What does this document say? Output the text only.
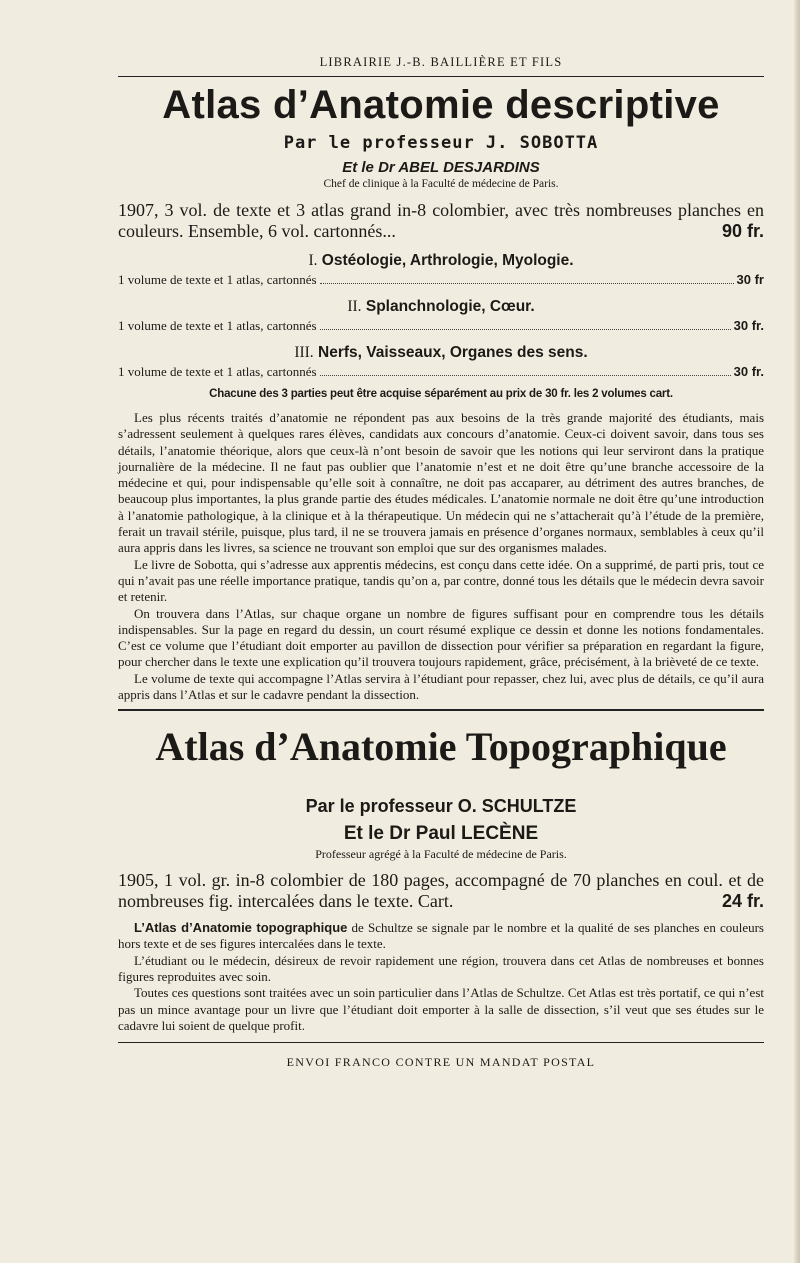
LIBRAIRIE J.-B. BAILLIÈRE ET FILS
Atlas d’Anatomie descriptive
Par le professeur J. SOBOTTA
Et le Dr ABEL DESJARDINS
Chef de clinique à la Faculté de médecine de Paris.
1907, 3 vol. de texte et 3 atlas grand in-8 colombier, avec très nombreuses planches en couleurs. Ensemble, 6 vol. cartonnés...	90 fr.
I. Ostéologie, Arthrologie, Myologie.
1 volume de texte et 1 atlas, cartonnés	30 fr
II. Splanchnologie, Cœur.
1 volume de texte et 1 atlas, cartonnés	30 fr.
III. Nerfs, Vaisseaux, Organes des sens.
1 volume de texte et 1 atlas, cartonnés	30 fr.
Chacune des 3 parties peut être acquise séparément au prix de 30 fr. les 2 volumes cart.

Les plus récents traités d’anatomie ne répondent pas aux besoins de la très grande majorité des étudiants, mais s’adressent seulement à quelques rares élèves, candidats aux concours d’anatomie. Ceux-ci doivent savoir, dans tous ses détails, l’anatomie théorique, alors que ceux-là n’ont besoin de savoir que les notions qui leur serviront dans la pratique journalière de la médecine. Il ne faut pas oublier que l’anatomie n’est et ne doit être qu’une branche accessoire de la médecine et qui, pour indispensable qu’elle soit à connaître, ne doit pas accaparer, au détriment des autres branches, de beaucoup plus importantes, la plus grande partie des études médicales. L’anatomie normale ne doit être qu’une introduction à l’anatomie pathologique, à la clinique et à la thérapeutique. Un médecin qui ne s’attacherait qu’à l’étude de la première, ferait un travail stérile, puisque, plus tard, il ne se trouvera jamais en présence d’organes normaux, semblables à ceux qu’il aura appris dans les livres, sa science ne trouvant son emploi que sur des organismes malades.

Le livre de Sobotta, qui s’adresse aux apprentis médecins, est conçu dans cette idée. On a supprimé, de parti pris, tout ce qui n’avait pas une réelle importance pratique, tandis qu’on a, par contre, donné tous les détails que le médecin devra savoir et retenir.

On trouvera dans l’Atlas, sur chaque organe un nombre de figures suffisant pour en comprendre tous les détails indispensables. Sur la page en regard du dessin, un court résumé explique ce dessin et donne les notions fondamentales. C’est ce volume que l’étudiant doit emporter au pavillon de dissection pour vérifier sa préparation en regardant la figure, pour chercher dans le texte une explication qu’il trouvera toujours rapidement, grâce, précisément, à la brièveté de ce texte.

Le volume de texte qui accompagne l’Atlas servira à l’étudiant pour repasser, chez lui, avec plus de détails, ce qu’il aura appris dans l’Atlas et sur le cadavre pendant la dissection.

Atlas d’Anatomie Topographique
Par le professeur O. SCHULTZE
Et le Dr Paul LECÈNE
Professeur agrégé à la Faculté de médecine de Paris.
1905, 1 vol. gr. in-8 colombier de 180 pages, accompagné de 70 planches en coul. et de nombreuses fig. intercalées dans le texte. Cart.	24 fr.

L’Atlas d’Anatomie topographique de Schultze se signale par le nombre et la qualité de ses planches en couleurs hors texte et de ses figures intercalées dans le texte.

L’étudiant ou le médecin, désireux de revoir rapidement une région, trouvera dans cet Atlas de nombreuses et bonnes figures reproduites avec soin.

Toutes ces questions sont traitées avec un soin particulier dans l’Atlas de Schultze. Cet Atlas est très portatif, ce qui n’est pas un mince avantage pour un livre que l’étudiant doit emporter à la salle de dissection, s’il veut que ses études sur le cadavre lui soient de quelque profit.

ENVOI FRANCO CONTRE UN MANDAT POSTAL
